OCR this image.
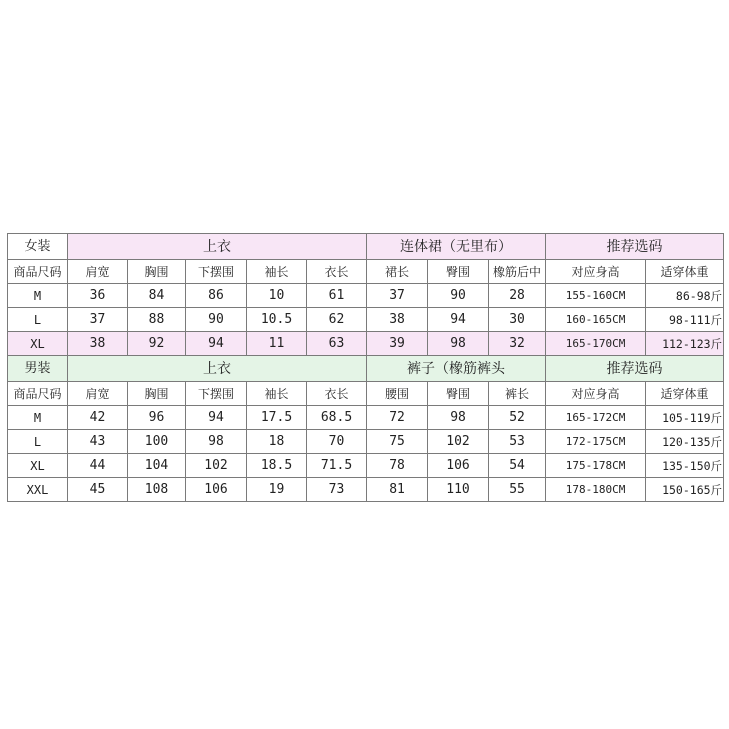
女装	上衣					连体裙（无里布）			推荐选码	
商品尺码	肩宽	胸围	下摆围	袖长	衣长	裙长	臀围	橡筋后中	对应身高	适穿体重
M	36	84	86	10	61	37	90	28	155-160CM	86-98斤
L	37	88	90	10.5	62	38	94	30	160-165CM	98-111斤
XL	38	92	94	11	63	39	98	32	165-170CM	112-123斤
男装	上衣					裤子（橡筋裤头			推荐选码	
商品尺码	肩宽	胸围	下摆围	袖长	衣长	腰围	臀围	裤长	对应身高	适穿体重
M	42	96	94	17.5	68.5	72	98	52	165-172CM	105-119斤
L	43	100	98	18	70	75	102	53	172-175CM	120-135斤
XL	44	104	102	18.5	71.5	78	106	54	175-178CM	135-150斤
XXL	45	108	106	19	73	81	110	55	178-180CM	150-165斤
